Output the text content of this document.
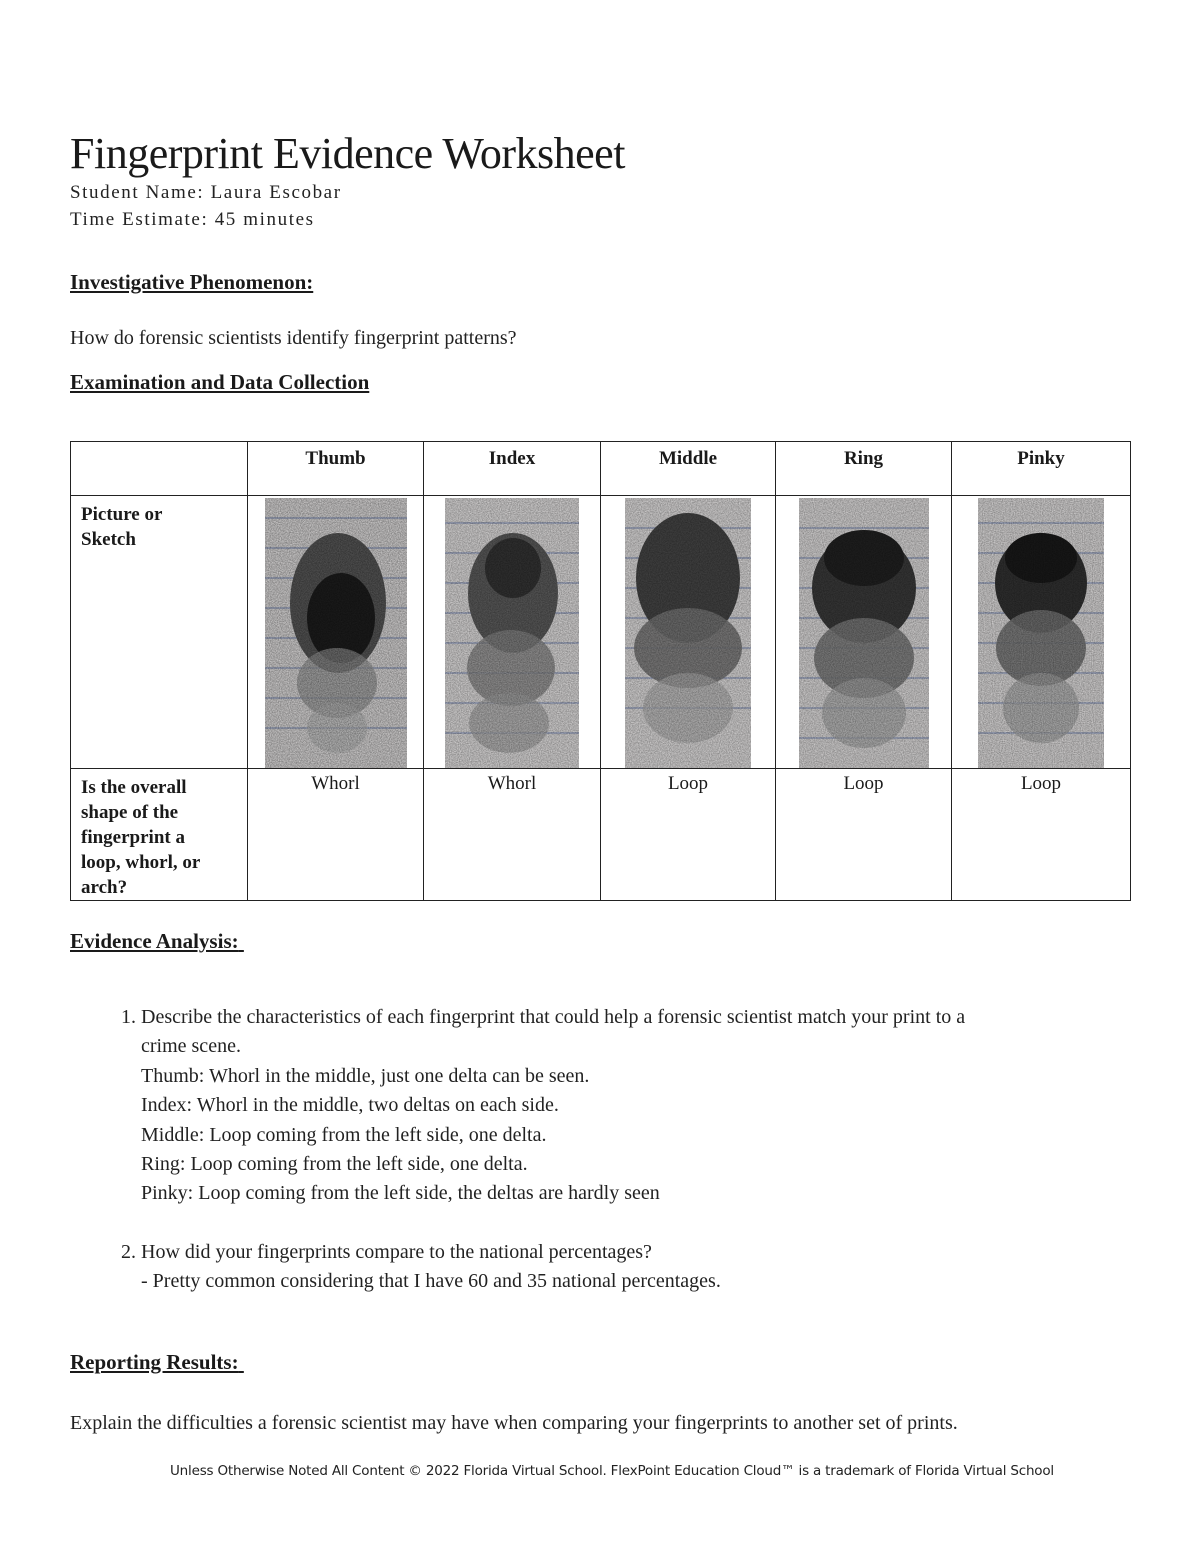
Fingerprint Evidence Worksheet
Student Name: Laura Escobar
Time Estimate: 45 minutes
Investigative Phenomenon:
How do forensic scientists identify fingerprint patterns?
Examination and Data Collection
	Thumb	Index	Middle	Ring	Pinky

Picture or
Sketch

Is the overall
shape of the
fingerprint a
loop, whorl, or
arch?	Whorl	Whorl	Loop	Loop	Loop
Evidence Analysis:
1. Describe the characteristics of each fingerprint that could help a forensic scientist match your print to a
crime scene.
Thumb: Whorl in the middle, just one delta can be seen.
Index: Whorl in the middle, two deltas on each side.
Middle: Loop coming from the left side, one delta.
Ring: Loop coming from the left side, one delta.
Pinky: Loop coming from the left side, the deltas are hardly seen
2. How did your fingerprints compare to the national percentages?
- Pretty common considering that I have 60 and 35 national percentages.
Reporting Results:
Explain the difficulties a forensic scientist may have when comparing your fingerprints to another set of prints.
Unless Otherwise Noted All Content © 2022 Florida Virtual School. FlexPoint Education Cloud™ is a trademark of Florida Virtual School
